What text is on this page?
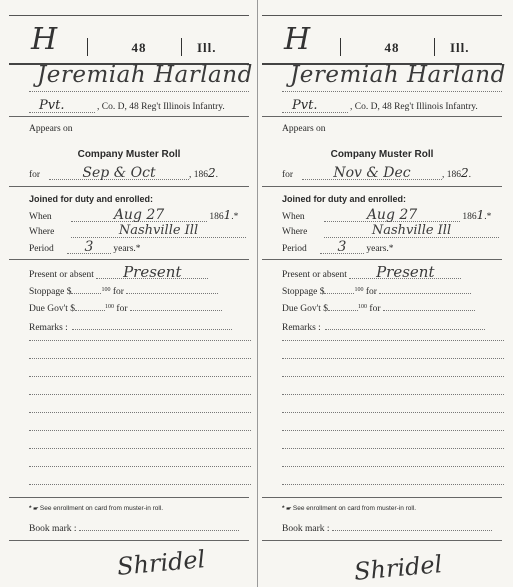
H	48	Ill.
Jeremiah Harland
Pvt.	, Co. D, 48 Reg't Illinois Infantry.
Appears on
Company Muster Roll
for	Sep & Oct	, 1862.
Joined for duty and enrolled:
When	Aug 27	1861.*
Where	Nashville Ill
Period 3 years.*
Present or absent Present
Stoppage $	$^{100}$ for
Due Gov't $	$^{100}$ for
Remarks :
* 🖝 See enrollment on card from muster-in roll.
Book mark :
Shridel
H	48	Ill.
Jeremiah Harland
Pvt.	, Co. D, 48 Reg't Illinois Infantry.
Appears on
Company Muster Roll
for	Nov & Dec	, 1862.
Joined for duty and enrolled:
When	Aug 27	1861.*
Where	Nashville Ill
Period 3 years.*
Present or absent Present
Stoppage $	$^{100}$ for
Due Gov't $	$^{100}$ for
Remarks :
* 🖝 See enrollment on card from muster-in roll.
Book mark :
Shridel
